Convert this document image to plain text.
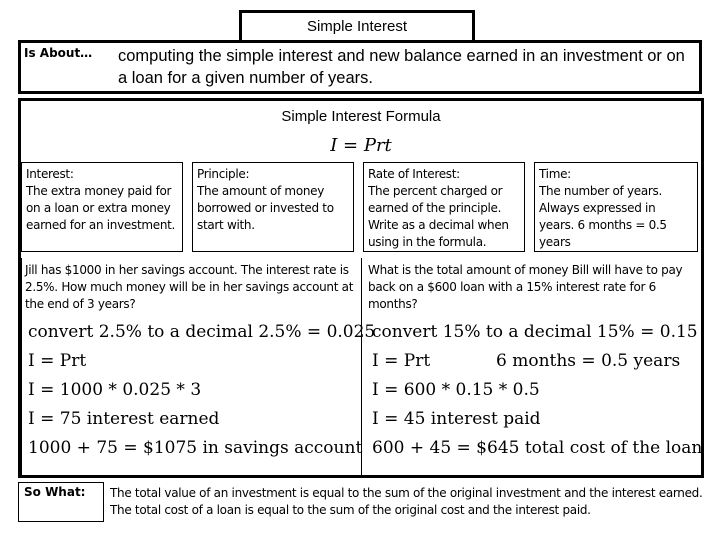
Simple Interest
Is About… computing the simple interest and new balance earned in an investment or on a loan for a given number of years.
Simple Interest Formula
I = Prt
Interest:
The extra money paid for on a loan or extra money earned for an investment.
Principle:
The amount of money borrowed or invested to start with.
Rate of Interest:
The percent charged or earned of the principle. Write as a decimal when using in the formula.
Time:
The number of years. Always expressed in years. 6 months = 0.5 years
Jill has $1000 in her savings account. The interest rate is 2.5%. How much money will be in her savings account at the end of 3 years?
convert 2.5% to a decimal 2.5% = 0.025
I = Prt
I = 1000 * 0.025 * 3
I = 75 interest earned
1000 + 75 = $1075 in savings account
What is the total amount of money Bill will have to pay back on a $600 loan with a 15% interest rate for 6 months?
convert 15% to a decimal 15% = 0.15
I = Prt	6 months = 0.5 years
I = 600 * 0.15 * 0.5
I = 45 interest paid
600 + 45 = $645 total cost of the loan
So What: The total value of an investment is equal to the sum of the original investment and the interest earned.
The total cost of a loan is equal to the sum of the original cost and the interest paid.
